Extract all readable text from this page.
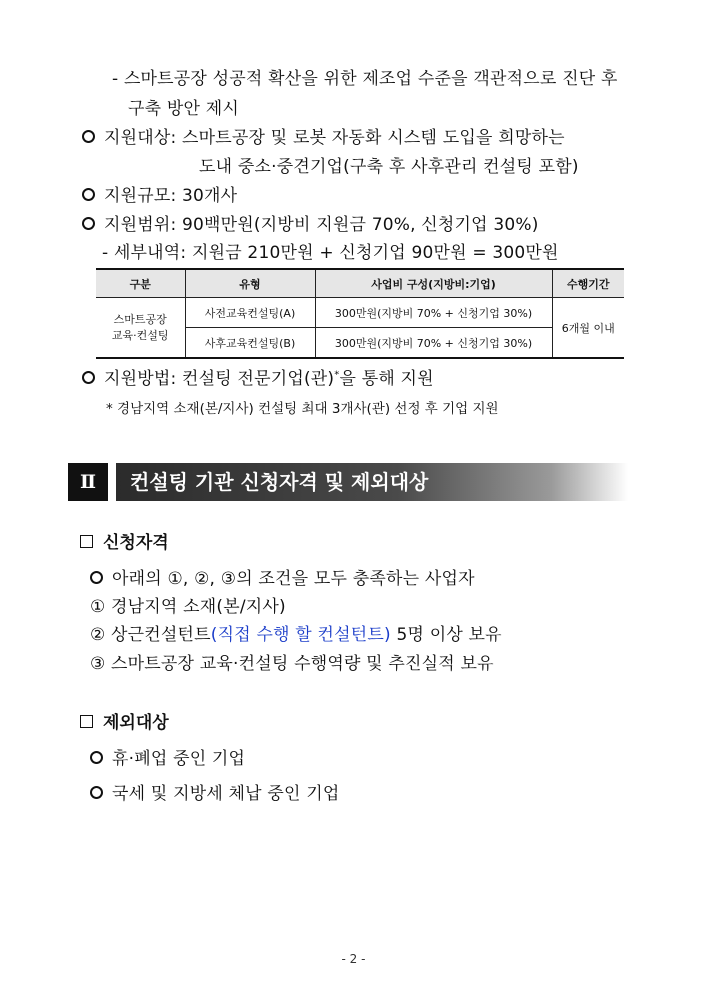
- 스마트공장 성공적 확산을 위한 제조업 수준을 객관적으로 진단 후
구축 방안 제시
지원대상: 스마트공장 및 로봇 자동화 시스템 도입을 희망하는
도내 중소·중견기업(구축 후 사후관리 컨설팅 포함)
지원규모: 30개사
지원범위: 90백만원(지방비 지원금 70%, 신청기업 30%)
- 세부내역: 지원금 210만원 + 신청기업 90만원 = 300만원
구분	유형	사업비 구성(지방비:기업)	수행기간
스마트공장
교육·컨설팅	사전교육컨설팅(A)	300만원(지방비 70% + 신청기업 30%)	6개월 이내
	사후교육컨설팅(B)	300만원(지방비 70% + 신청기업 30%)	
지원방법: 컨설팅 전문기업(관)*을 통해 지원
* 경남지역 소재(본/지사) 컨설팅 최대 3개사(관) 선정 후 기업 지원
Ⅱ	컨설팅 기관 신청자격 및 제외대상
신청자격
아래의 ①, ②, ③의 조건을 모두 충족하는 사업자
① 경남지역 소재(본/지사)
② 상근컨설턴트(직접 수행 할 컨설턴트) 5명 이상 보유
③ 스마트공장 교육·컨설팅 수행역량 및 추진실적 보유
제외대상
휴·폐업 중인 기업
국세 및 지방세 체납 중인 기업
- 2 -
